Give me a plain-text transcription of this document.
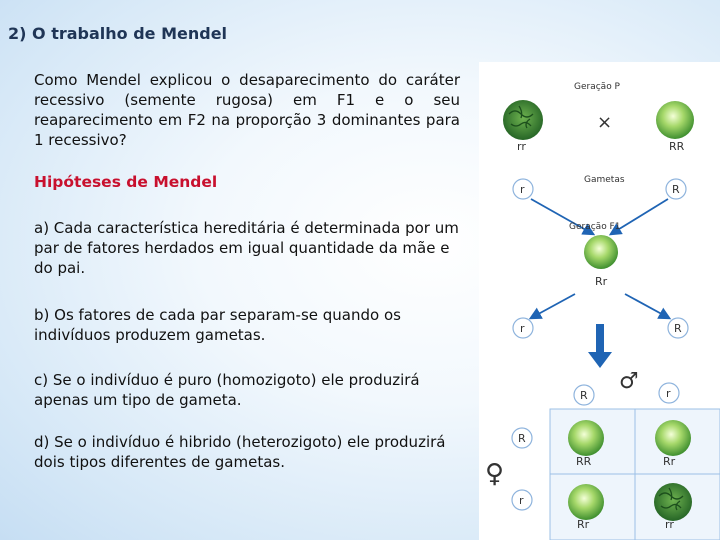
2) O trabalho de Mendel
Como Mendel explicou o desaparecimento do caráter recessivo (semente rugosa) em F1 e o seu reaparecimento em F2 na proporção 3 dominantes para 1 recessivo?
Hipóteses de Mendel
a) Cada característica hereditária é determinada por um par de fatores herdados em igual quantidade da mãe e do pai.
b) Os fatores de cada par separam-se quando os indivíduos produzem gametas.
c) Se o indivíduo é puro (homozigoto) ele produzirá apenas um tipo de gameta.
d) Se o indivíduo é hibrido (heterozigoto) ele produzirá dois tipos diferentes de gametas.
Geração P
×
rr	RR
Gametas
r	R
Geração F1
Rr
r	R
♂
R	r
♀
R
r
RR	Rr
Rr	rr
